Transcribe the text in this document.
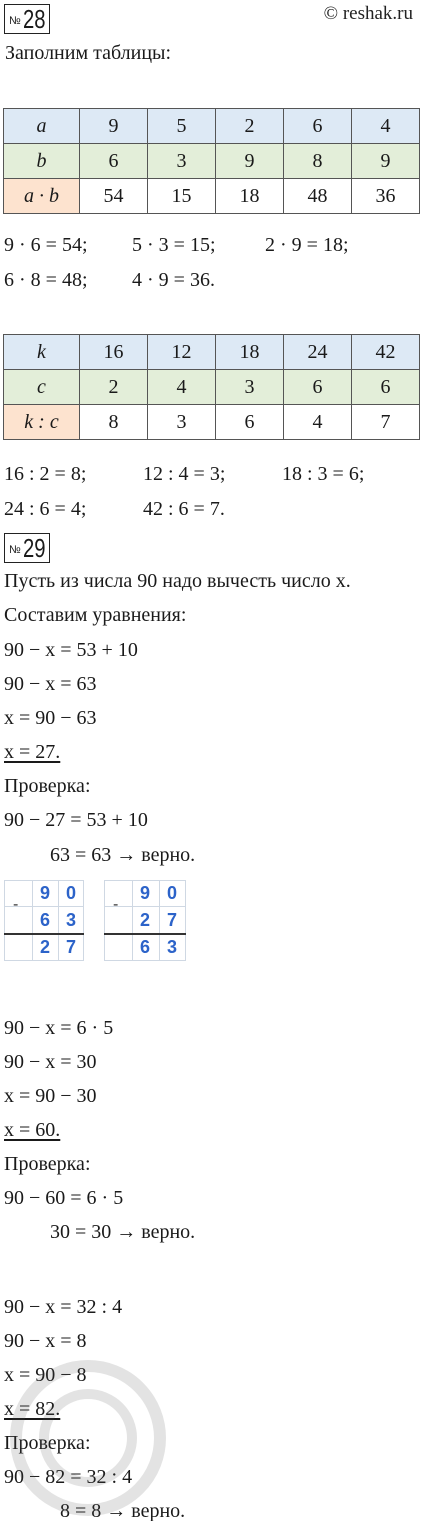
№ 28	© reshak.ru
Заполним таблицы:
a	9	5	2	6	4
b	6	3	9	8	9
a · b	54	15	18	48	36
9 · 6 = 54; 5 · 3 = 15; 2 · 9 = 18;
6 · 8 = 48; 4 · 9 = 36.
k	16	12	18	24	42
c	2	4	3	6	6
k : c	8	3	6	4	7
16 : 2 = 8;	12 : 4 = 3;	18 : 3 = 6;
24 : 6 = 4;	42 : 6 = 7.
№ 29
Пусть из числа 90 надо вычесть число x.
Составим уравнения:
90 − x = 53 + 10
90 − x = 63
x = 90 − 63
x = 27.
Проверка:
90 − 27 = 53 + 10
63 = 63 → верно.
-
9 0
6 3
2 7
-
9 0
2 7
6 3
90 − x = 6 · 5
90 − x = 30
x = 90 − 30
x = 60.
Проверка:
90 − 60 = 6 · 5
30 = 30 → верно.
90 − x = 32 : 4
90 − x = 8
x = 90 − 8
x = 82.
Проверка:
90 − 82 = 32 : 4
8 = 8 → верно.
